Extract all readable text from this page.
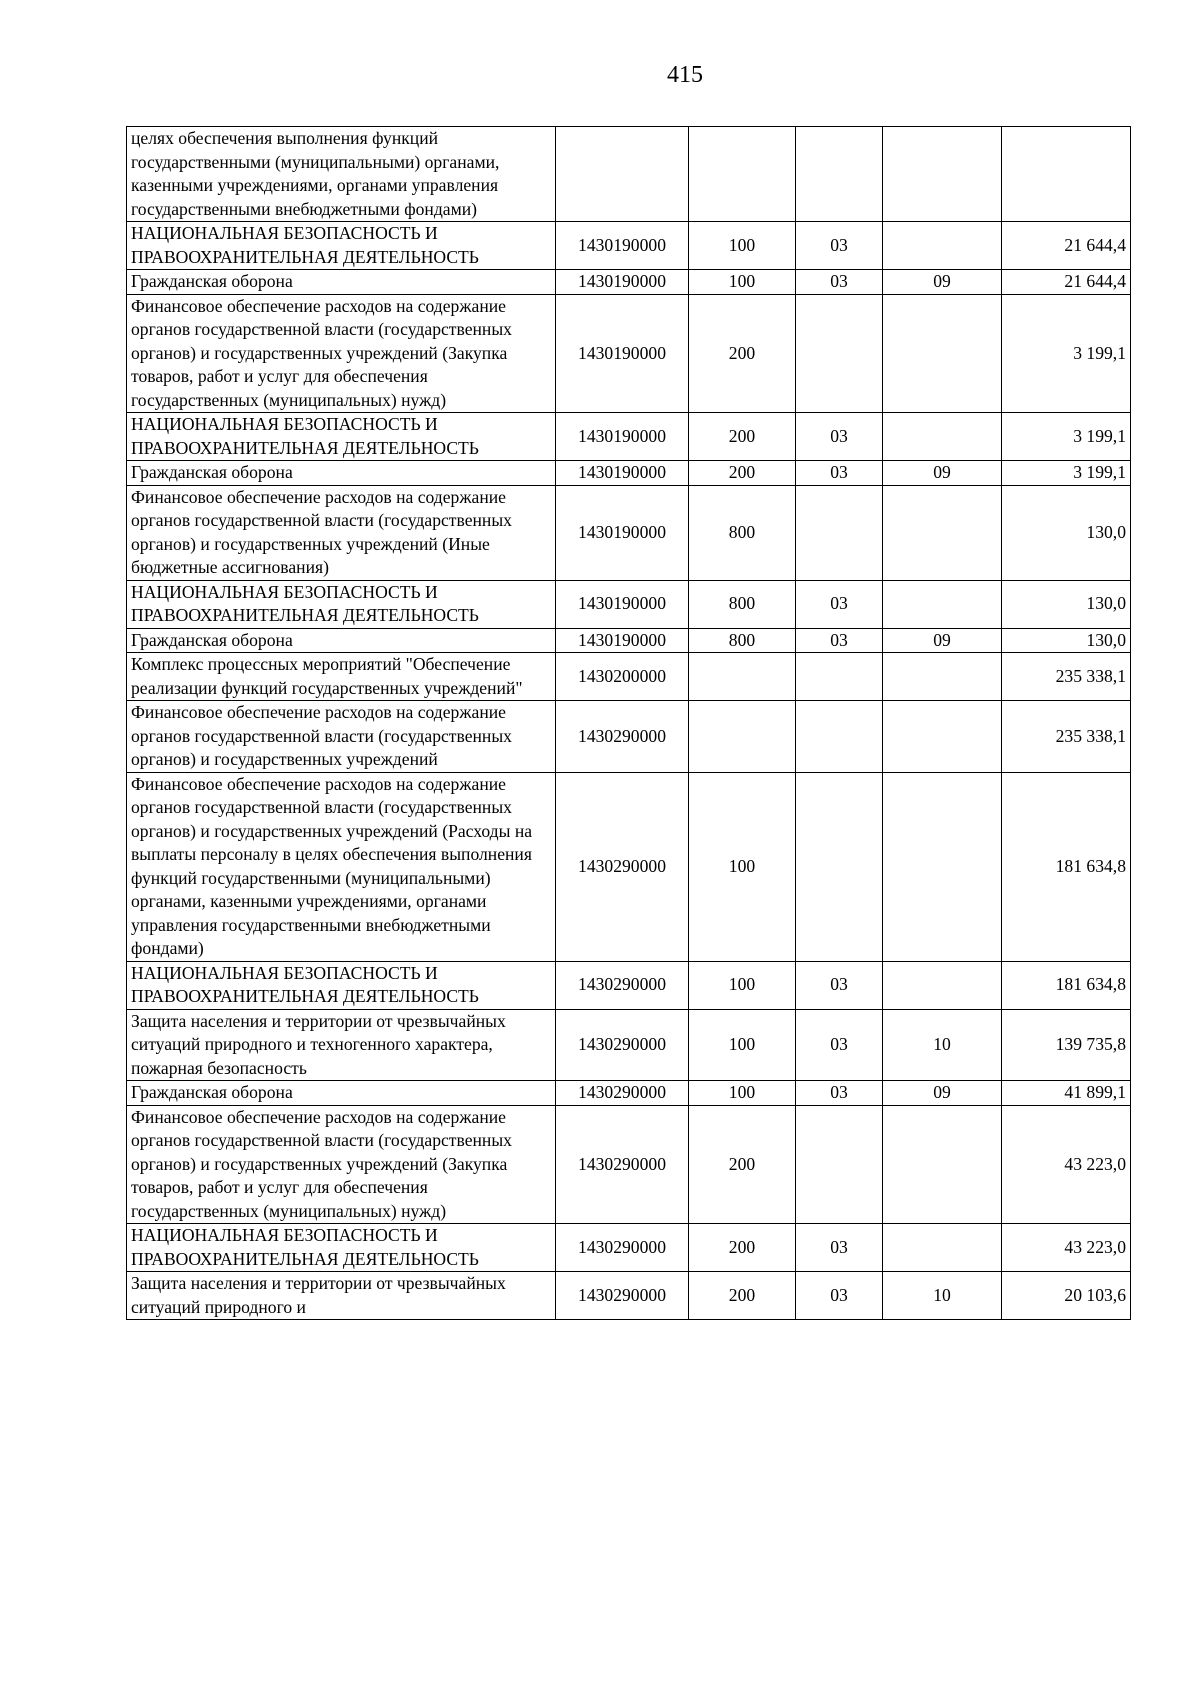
415
целях обеспечения выполнения функций государственными (муниципальными) органами, казенными учреждениями, органами управления государственными внебюджетными фондами)					
НАЦИОНАЛЬНАЯ БЕЗОПАСНОСТЬ И ПРАВООХРАНИТЕЛЬНАЯ ДЕЯТЕЛЬНОСТЬ	1430190000	100	03		21 644,4
Гражданская оборона	1430190000	100	03	09	21 644,4
Финансовое обеспечение расходов на содержание органов государственной власти (государственных органов) и государственных учреждений (Закупка товаров, работ и услуг для обеспечения государственных (муниципальных) нужд)	1430190000	200			3 199,1
НАЦИОНАЛЬНАЯ БЕЗОПАСНОСТЬ И ПРАВООХРАНИТЕЛЬНАЯ ДЕЯТЕЛЬНОСТЬ	1430190000	200	03		3 199,1
Гражданская оборона	1430190000	200	03	09	3 199,1
Финансовое обеспечение расходов на содержание органов государственной власти (государственных органов) и государственных учреждений (Иные бюджетные ассигнования)	1430190000	800			130,0
НАЦИОНАЛЬНАЯ БЕЗОПАСНОСТЬ И ПРАВООХРАНИТЕЛЬНАЯ ДЕЯТЕЛЬНОСТЬ	1430190000	800	03		130,0
Гражданская оборона	1430190000	800	03	09	130,0
Комплекс процессных мероприятий "Обеспечение реализации функций государственных учреждений"	1430200000				235 338,1
Финансовое обеспечение расходов на содержание органов государственной власти (государственных органов) и государственных учреждений	1430290000				235 338,1
Финансовое обеспечение расходов на содержание органов государственной власти (государственных органов) и государственных учреждений (Расходы на выплаты персоналу в целях обеспечения выполнения функций государственными (муниципальными) органами, казенными учреждениями, органами управления государственными внебюджетными фондами)	1430290000	100			181 634,8
НАЦИОНАЛЬНАЯ БЕЗОПАСНОСТЬ И ПРАВООХРАНИТЕЛЬНАЯ ДЕЯТЕЛЬНОСТЬ	1430290000	100	03		181 634,8
Защита населения и территории от чрезвычайных ситуаций природного и техногенного характера, пожарная безопасность	1430290000	100	03	10	139 735,8
Гражданская оборона	1430290000	100	03	09	41 899,1
Финансовое обеспечение расходов на содержание органов государственной власти (государственных органов) и государственных учреждений (Закупка товаров, работ и услуг для обеспечения государственных (муниципальных) нужд)	1430290000	200			43 223,0
НАЦИОНАЛЬНАЯ БЕЗОПАСНОСТЬ И ПРАВООХРАНИТЕЛЬНАЯ ДЕЯТЕЛЬНОСТЬ	1430290000	200	03		43 223,0
Защита населения и территории от чрезвычайных ситуаций природного и	1430290000	200	03	10	20 103,6
